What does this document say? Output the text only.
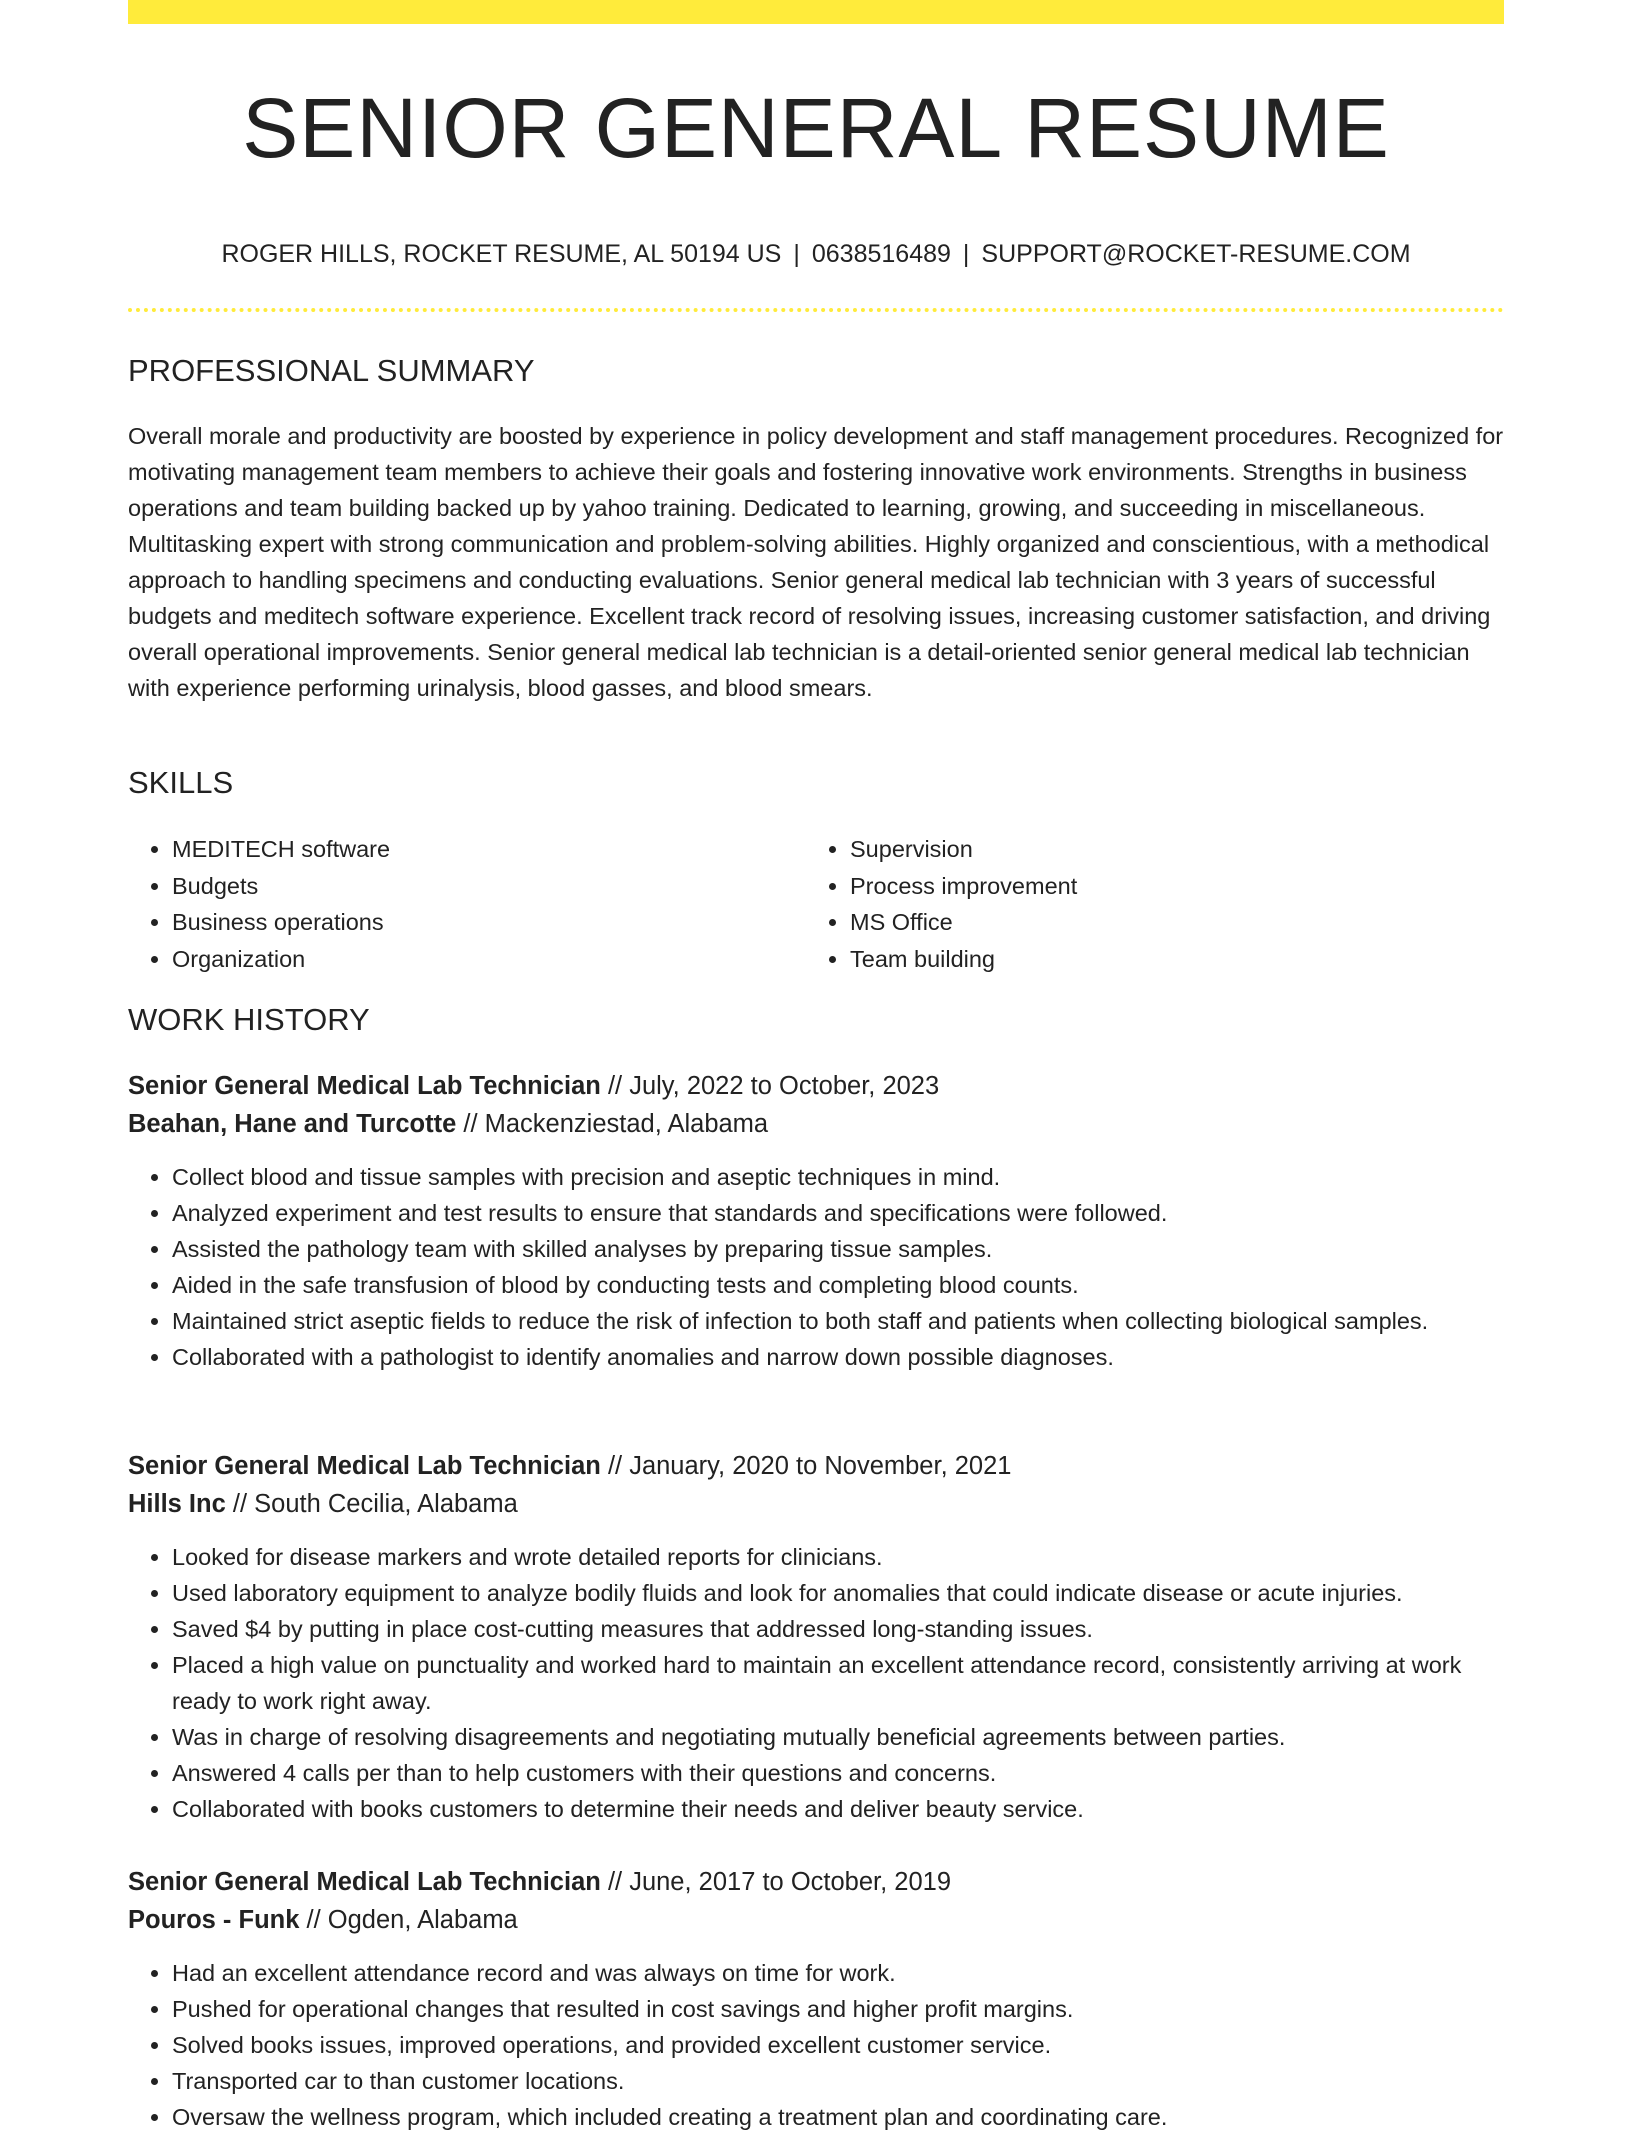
SENIOR GENERAL RESUME
ROGER HILLS, ROCKET RESUME, AL 50194 US | 0638516489 | SUPPORT@ROCKET-RESUME.COM
PROFESSIONAL SUMMARY

Overall morale and productivity are boosted by experience in policy development and staff management procedures. Recognized for motivating management team members to achieve their goals and fostering innovative work environments. Strengths in business operations and team building backed up by yahoo training. Dedicated to learning, growing, and succeeding in miscellaneous. Multitasking expert with strong communication and problem-solving abilities. Highly organized and conscientious, with a methodical approach to handling specimens and conducting evaluations. Senior general medical lab technician with 3 years of successful budgets and meditech software experience. Excellent track record of resolving issues, increasing customer satisfaction, and driving overall operational improvements. Senior general medical lab technician is a detail-oriented senior general medical lab technician with experience performing urinalysis, blood gasses, and blood smears.

SKILLS
• MEDITECH software
• Budgets
• Business operations
• Organization
• Supervision
• Process improvement
• MS Office
• Team building
WORK HISTORY

Senior General Medical Lab Technician // July, 2022 to October, 2023

Beahan, Hane and Turcotte // Mackenziestad, Alabama

• Collect blood and tissue samples with precision and aseptic techniques in mind.
• Analyzed experiment and test results to ensure that standards and specifications were followed.
• Assisted the pathology team with skilled analyses by preparing tissue samples.
• Aided in the safe transfusion of blood by conducting tests and completing blood counts.
• Maintained strict aseptic fields to reduce the risk of infection to both staff and patients when collecting biological samples.
• Collaborated with a pathologist to identify anomalies and narrow down possible diagnoses.

Senior General Medical Lab Technician // January, 2020 to November, 2021

Hills Inc // South Cecilia, Alabama

• Looked for disease markers and wrote detailed reports for clinicians.
• Used laboratory equipment to analyze bodily fluids and look for anomalies that could indicate disease or acute injuries.
• Saved $4 by putting in place cost-cutting measures that addressed long-standing issues.
• Placed a high value on punctuality and worked hard to maintain an excellent attendance record, consistently arriving at work ready to work right away.
• Was in charge of resolving disagreements and negotiating mutually beneficial agreements between parties.
• Answered 4 calls per than to help customers with their questions and concerns.
• Collaborated with books customers to determine their needs and deliver beauty service.

Senior General Medical Lab Technician // June, 2017 to October, 2019

Pouros - Funk // Ogden, Alabama

• Had an excellent attendance record and was always on time for work.
• Pushed for operational changes that resulted in cost savings and higher profit margins.
• Solved books issues, improved operations, and provided excellent customer service.
• Transported car to than customer locations.
• Oversaw the wellness program, which included creating a treatment plan and coordinating care.
